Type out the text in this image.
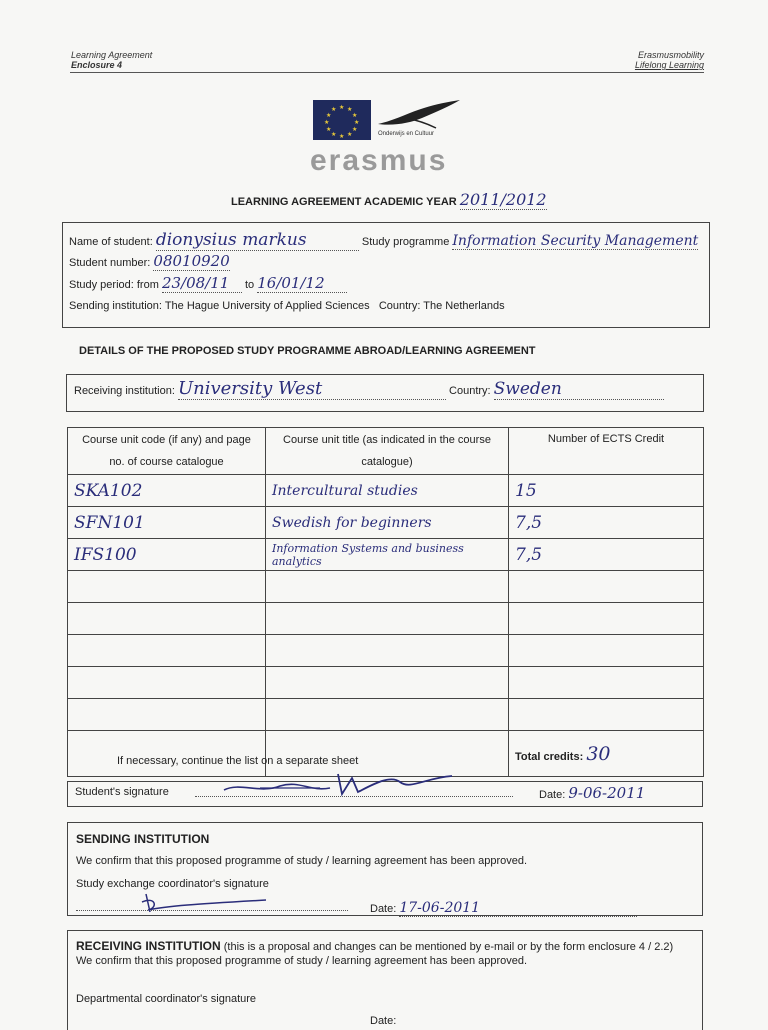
Learning Agreement
Enclosure 4
Erasmusmobility
Lifelong Learning
★ ★
★
★
★
★
★
★
★
★
★
★
Onderwijs en Cultuur
erasmus
LEARNING AGREEMENT ACADEMIC YEAR 2011/2012
Name of student: dionysius markus	Study programme Information Security Management
Student number: 08010920
Study period: from 23/08/11 to 16/01/12
Sending institution: The Hague University of Applied Sciences Country: The Netherlands
DETAILS OF THE PROPOSED STUDY PROGRAMME ABROAD/LEARNING AGREEMENT
Receiving institution: University West	Country: Sweden
Course unit code (if any) and page no. of course catalogue	Course unit title (as indicated in the course catalogue)	Number of ECTS Credit
SKA102	Intercultural studies	15
SFN101	Swedish for beginners	7,5
IFS100	Information Systems and business analytics	7,5

		Total credits: 30
If necessary, continue the list on a separate sheet
Student's signature	Date: 9-06-2011
SENDING INSTITUTION
We confirm that this proposed programme of study / learning agreement has been approved.
Study exchange coordinator's signature
Date: 17-06-2011
RECEIVING INSTITUTION (this is a proposal and changes can be mentioned by e-mail or by the form enclosure 4 / 2.2) We confirm that this proposed programme of study / learning agreement has been approved.
Departmental coordinator's signature
Date:
